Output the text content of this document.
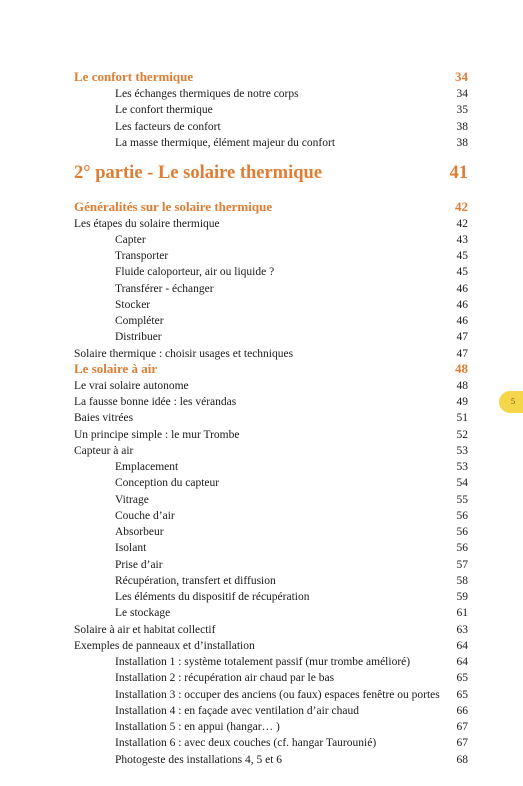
Le confort thermique	34
Les échanges thermiques de notre corps	34
Le confort thermique	35
Les facteurs de confort	38
La masse thermique, élément majeur du confort	38
2° partie - Le solaire thermique	41
Généralités sur le solaire thermique	42
Les étapes du solaire thermique	42
Capter	43
Transporter	45
Fluide caloporteur, air ou liquide ?	45
Transférer - échanger	46
Stocker	46
Compléter	46
Distribuer	47
Solaire thermique : choisir usages et techniques	47
Le solaire à air	48
Le vrai solaire autonome	48
La fausse bonne idée : les vérandas	49
Baies vitrées	51
Un principe simple : le mur Trombe	52
Capteur à air	53
Emplacement	53
Conception du capteur	54
Vitrage	55
Couche d’air	56
Absorbeur	56
Isolant	56
Prise d’air	57
Récupération, transfert et diffusion	58
Les éléments du dispositif de récupération	59
Le stockage	61
Solaire à air et habitat collectif	63
Exemples de panneaux et d’installation	64
Installation 1 : système totalement passif (mur trombe amélioré)	64
Installation 2 : récupération air chaud par le bas	65
Installation 3 : occuper des anciens (ou faux) espaces fenêtre ou portes 65
Installation 4 : en façade avec ventilation d’air chaud	66
Installation 5 : en appui (hangar… )	67
Installation 6 : avec deux couches (cf. hangar Taurounié)	67
Photogeste des installations 4, 5 et 6	68
5
